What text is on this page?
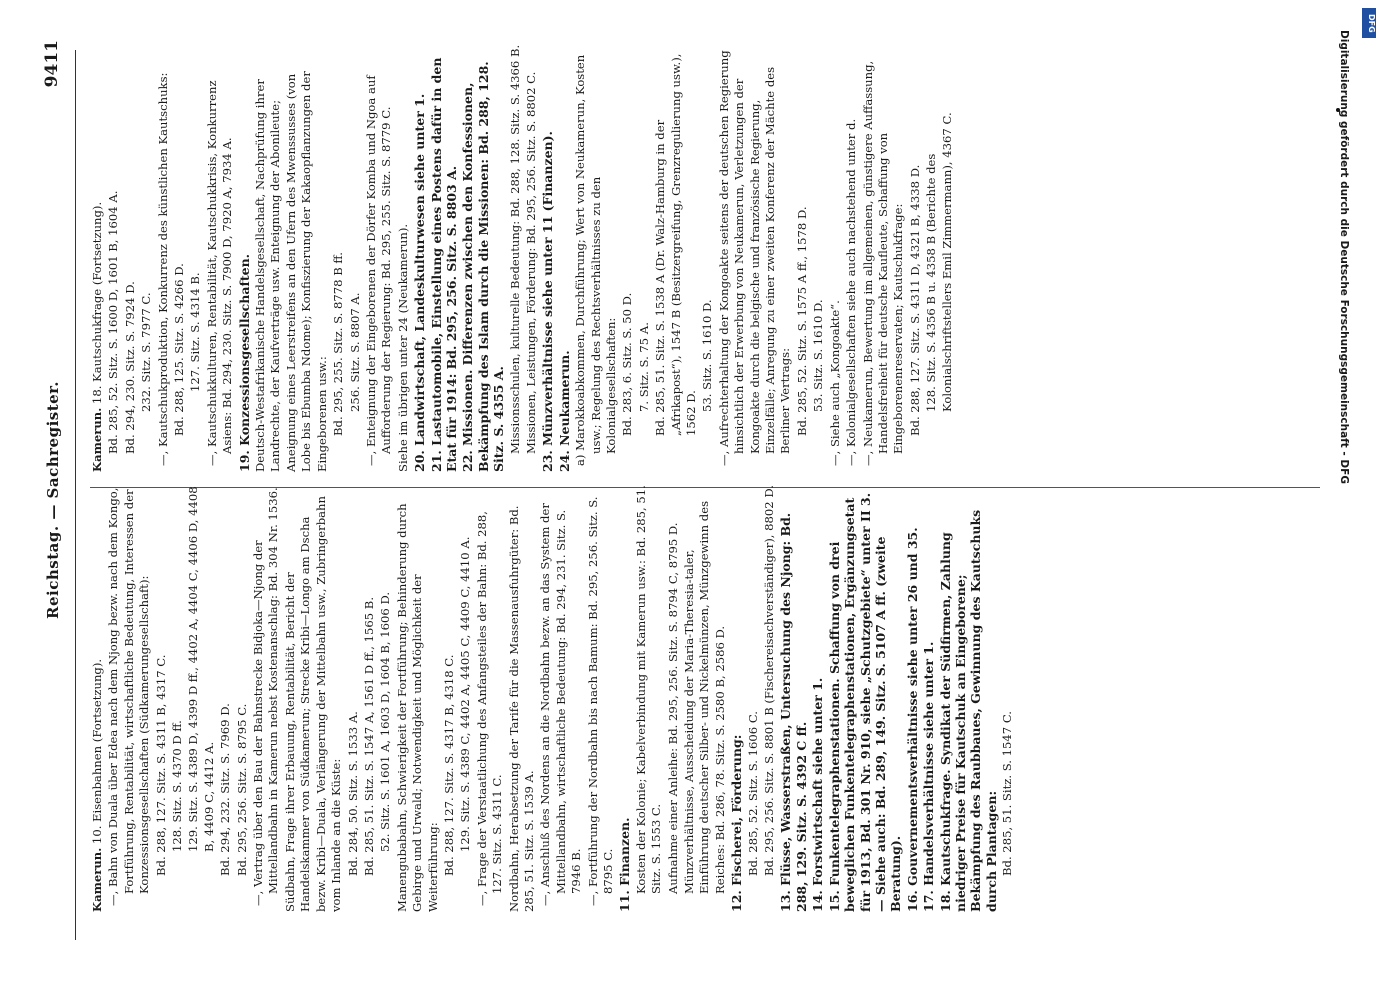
Reichstag. — Sachregister.
9411
Kamerun. 10. Eisenbahnen (Fortsetzung). —, Bahn von Duala über Edea nach dem Njong bezw. nach dem Kongo, Fortführung, Rentabilität, wirtschaftliche Bedeutung, Interessen der Konzessionsgesellschaften (Südkamerungesellschaft): Bd. 288, 127. Sitz. S. 4311 B, 4317 C. 128. Sitz. S. 4370 D ff. 129. Sitz. S. 4389 D, 4399 D ff., 4402 A, 4404 C, 4406 D, 4408 B, 4409 C, 4412 A. Bd. 294, 232. Sitz. S. 7969 D. Bd. 295, 256. Sitz. S. 8795 C. —, Vertrag über den Bau der Bahnstrecke Bidjoka—Njong der Mittellandbahn in Kamerun nebst Kostenanschlag: Bd. 304 Nr. 1536. Südbahn, Frage ihrer Erbauung, Rentabilität, Bericht der Handelskammer von Südkamerun; Strecke Kribi—Longo am Dscha bezw. Kribi—Duala, Verlängerung der Mittelbahn usw., Zubringerbahn vom Inlande an die Küste: Bd. 284, 50. Sitz. S. 1533 A. Bd. 285, 51. Sitz. S. 1547 A, 1561 D ff., 1565 B. 52. Sitz. S. 1601 A, 1603 D, 1604 B, 1606 D. Manengubabahn, Schwierigkeit der Fortführung; Behinderung durch Gebirge und Urwald; Notwendigkeit und Möglichkeit der Weiterführung: Bd. 288, 127. Sitz. S. 4317 B, 4318 C. 129. Sitz. S. 4389 C, 4402 A, 4405 C, 4409 C, 4410 A. —, Frage der Verstaatlichung des Anfangsteiles der Bahn: Bd. 288, 127. Sitz. S. 4311 C. Nordbahn, Herabsetzung der Tarife für die Massenausfuhrgüter: Bd. 285, 51. Sitz. S. 1539 A. —, Anschluß des Nordens an die Nordbahn bezw. an das System der Mittellandbahn, wirtschaftliche Bedeutung: Bd. 294, 231. Sitz. S. 7946 B. —, Fortführung der Nordbahn bis nach Bamum: Bd. 295, 256. Sitz. S. 8795 C. 11. Finanzen. Kosten der Kolonie; Kabelverbindung mit Kamerun usw.: Bd. 285, 51. Sitz. S. 1553 C. Aufnahme einer Anleihe: Bd. 295, 256. Sitz. S. 8794 C, 8795 D. Münzverhältnisse, Ausscheidung der Maria-Theresia-taler, Einführung deutscher Silber- und Nickelmünzen, Münzgewinn des Reiches: Bd. 286, 78. Sitz. S. 2580 B, 2586 D. 12. Fischerei, Förderung: Bd. 285, 52. Sitz. S. 1606 C. Bd. 295, 256. Sitz. S. 8801 B (Fischereisachverständiger), 8802 D. 13. Flüsse, Wasserstraßen, Untersuchung des Njong: Bd. 288, 129. Sitz. S. 4392 C ff. 14. Forstwirtschaft siehe unter 1. 15. Funkentelegraphenstationen. Schaffung von drei beweglichen Funkentelegraphenstationen, Ergänzungsetat für 1913, Bd. 301 Nr. 910, siehe „Schutzgebiete“ unter II 3. — Siehe auch: Bd. 289, 149. Sitz. S. 5107 A ff. (zweite Beratung). 16. Gouvernementsverhältnisse siehe unter 26 und 35. 17. Handelsverhältnisse siehe unter 1. 18. Kautschukfrage. Syndikat der Südfirmen, Zahlung niedriger Preise für Kautschuk an Eingeborene; Bekämpfung des Raubbaues, Gewinnung des Kautschuks durch Plantagen: Bd. 285, 51. Sitz. S. 1547 C.
Kamerun. 18. Kautschukfrage (Fortsetzung). Bd. 285, 52. Sitz. S. 1600 D, 1601 B, 1604 A. Bd. 294, 230. Sitz. S. 7924 D. 232. Sitz. S. 7977 C. —, Kautschukproduktion, Konkurrenz des künstlichen Kautschuks: Bd. 288, 125. Sitz. S. 4266 D. 127. Sitz. S. 4314 B. —, Kautschukkulturen, Rentabilität, Kautschukkrisis, Konkurrenz Asiens: Bd. 294, 230. Sitz. S. 7900 D, 7920 A, 7934 A. 19. Konzessionsgesellschaften. Deutsch-Westafrikanische Handelsgesellschaft, Nachprüfung ihrer Landrechte, der Kaufverträge usw. Enteignung der Abonileute; Aneignung eines Leerstreifens an den Ufern des Mwenssusses (von Lobe bis Ebumba Ndome); Konfiszierung der Kakaopflanzungen der Eingeborenen usw.: Bd. 295, 255. Sitz. S. 8778 B ff. 256. Sitz. S. 8807 A. —, Enteignung der Eingeborenen der Dörfer Komba und Ngoa auf Aufforderung der Regierung: Bd. 295, 255. Sitz. S. 8779 C. Siehe im übrigen unter 24 (Neukamerun). 20. Landwirtschaft, Landeskulturwesen siehe unter 1. 21. Lastautomobile, Einstellung eines Postens dafür in den Etat für 1914: Bd. 295, 256. Sitz. S. 8803 A. 22. Missionen. Differenzen zwischen den Konfessionen, Bekämpfung des Islam durch die Missionen: Bd. 288, 128. Sitz. S. 4355 A. Missionsschulen, kulturelle Bedeutung: Bd. 288, 128. Sitz. S. 4366 B. Missionen, Leistungen, Förderung: Bd. 295, 256. Sitz. S. 8802 C. 23. Münzverhältnisse siehe unter 11 (Finanzen). 24. Neukamerun. a) Marokkoabkommen, Durchführung; Wert von Neukamerun, Kosten usw.; Regelung des Rechtsverhältnisses zu den Kolonialgesellschaften: Bd. 283, 6. Sitz. S. 50 D. 7. Sitz. S. 75 A. Bd. 285, 51. Sitz. S. 1538 A (Dr. Walz-Hamburg in der „Afrikapost“), 1547 B (Besitzergreifung, Grenzregulierung usw.), 1562 D.
53. Sitz. S. 1610 D. —, Aufrechterhaltung der Kongoakte seitens der deutschen Regierung hinsichtlich der Erwerbung von Neukamerun, Verletzungen der Kongoakte durch die belgische und französische Regierung, Einzelfälle; Anregung zu einer zweiten Konferenz der Mächte des Berliner Vertrags: Bd. 285, 52. Sitz. S. 1575 A ff., 1578 D. 53. Sitz. S. 1610 D. —, Siehe auch „Kongoakte“. —, Kolonialgesellschaften siehe auch nachstehend unter d. —, Neukamerun, Bewertung im allgemeinen, günstigere Auffassung, Handelsfreiheit für deutsche Kaufleute, Schaffung von Eingeborenenreservaten; Kautschukfrage: Bd. 288, 127. Sitz. S. 4311 D, 4321 B, 4338 D. 128. Sitz. S. 4356 B u. 4358 B (Berichte des Kolonialschriftstellers Emil Zimmermann), 4367 C.
DFG
Digitalisierung gefördert durch die Deutsche Forschungsgemeinschaft - DFG
